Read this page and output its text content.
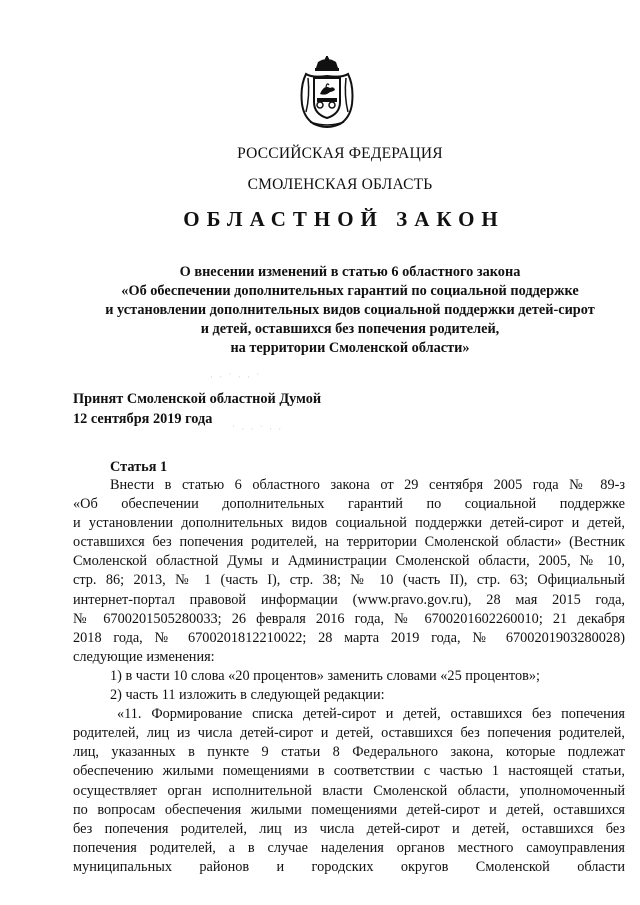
РОССИЙСКАЯ ФЕДЕРАЦИЯ
СМОЛЕНСКАЯ ОБЛАСТЬ
ОБЛАСТНОЙ ЗАКОН
О внесении изменений в статью 6 областного закона
«Об обеспечении дополнительных гарантий по социальной поддержке
и установлении дополнительных видов социальной поддержки детей-сирот
и детей, оставшихся без попечения родителей,
на территории Смоленской области»
Принят Смоленской областной Думой
12 сентября 2019 года
· · ˙ · · ˙
˙ · · ˙ · ·
Статья 1
Внести в статью 6 областного закона от 29 сентября 2005 года № 89-з
«Об обеспечении дополнительных гарантий по социальной поддержке
и установлении дополнительных видов социальной поддержки детей-сирот и детей,
оставшихся без попечения родителей, на территории Смоленской области» (Вестник
Смоленской областной Думы и Администрации Смоленской области, 2005, № 10,
стр. 86; 2013, № 1 (часть I), стр. 38; № 10 (часть II), стр. 63; Официальный
интернет-портал правовой информации (www.pravo.gov.ru), 28 мая 2015 года,
№ 6700201505280033; 26 февраля 2016 года, № 6700201602260010; 21 декабря
2018 года, № 6700201812210022; 28 марта 2019 года, № 6700201903280028)
следующие изменения:
1) в части 10 слова «20 процентов» заменить словами «25 процентов»;
2) часть 11 изложить в следующей редакции:
«11. Формирование списка детей-сирот и детей, оставшихся без попечения
родителей, лиц из числа детей-сирот и детей, оставшихся без попечения родителей,
лиц, указанных в пункте 9 статьи 8 Федерального закона, которые подлежат
обеспечению жилыми помещениями в соответствии с частью 1 настоящей статьи,
осуществляет орган исполнительной власти Смоленской области, уполномоченный
по вопросам обеспечения жилыми помещениями детей-сирот и детей, оставшихся
без попечения родителей, лиц из числа детей-сирот и детей, оставшихся без
попечения родителей, а в случае наделения органов местного самоуправления
муниципальных районов и городских округов Смоленской области
